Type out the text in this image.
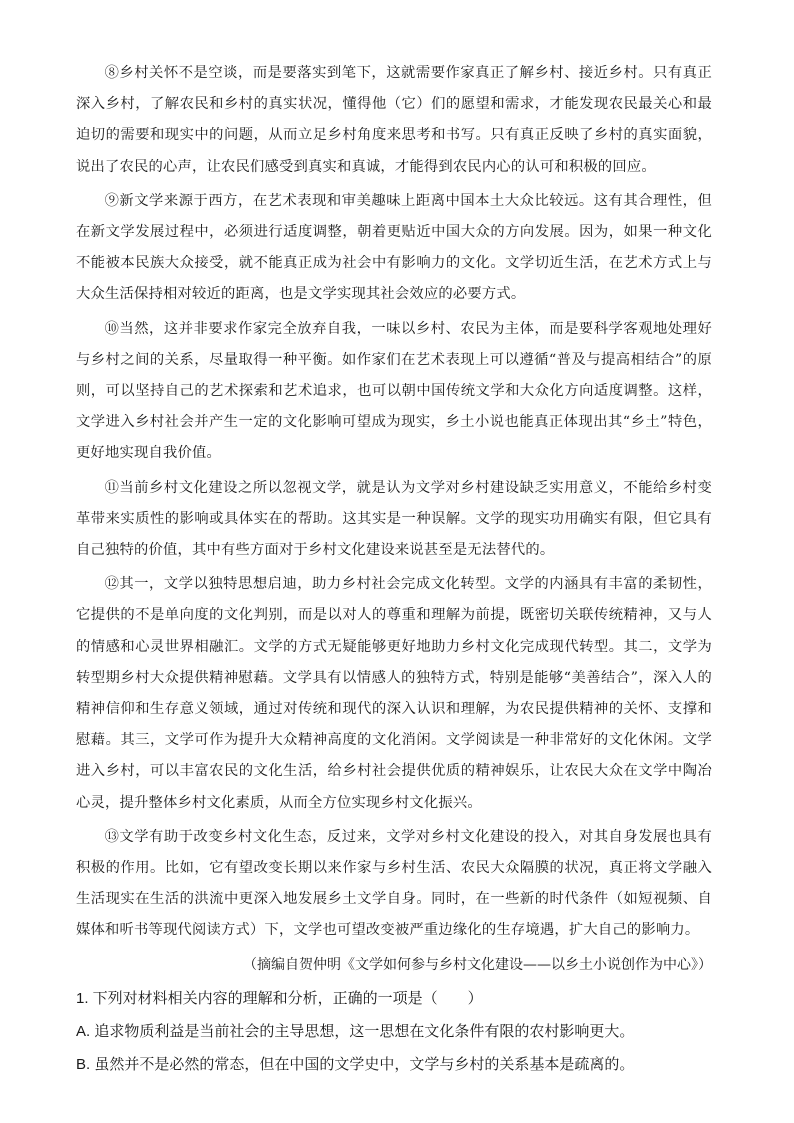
⑧乡村关怀不是空谈，而是要落实到笔下，这就需要作家真正了解乡村、接近乡村。只有真正深入乡村，了解农民和乡村的真实状况，懂得他（它）们的愿望和需求，才能发现农民最关心和最迫切的需要和现实中的问题，从而立足乡村角度来思考和书写。只有真正反映了乡村的真实面貌，说出了农民的心声，让农民们感受到真实和真诚，才能得到农民内心的认可和积极的回应。

⑨新文学来源于西方，在艺术表现和审美趣味上距离中国本土大众比较远。这有其合理性，但在新文学发展过程中，必须进行适度调整，朝着更贴近中国大众的方向发展。因为，如果一种文化不能被本民族大众接受，就不能真正成为社会中有影响力的文化。文学切近生活，在艺术方式上与大众生活保持相对较近的距离，也是文学实现其社会效应的必要方式。

⑩当然，这并非要求作家完全放弃自我，一味以乡村、农民为主体，而是要科学客观地处理好与乡村之间的关系，尽量取得一种平衡。如作家们在艺术表现上可以遵循“普及与提高相结合”的原则，可以坚持自己的艺术探索和艺术追求，也可以朝中国传统文学和大众化方向适度调整。这样，文学进入乡村社会并产生一定的文化影响可望成为现实，乡土小说也能真正体现出其“乡土”特色，更好地实现自我价值。

⑪当前乡村文化建设之所以忽视文学，就是认为文学对乡村建设缺乏实用意义，不能给乡村变革带来实质性的影响或具体实在的帮助。这其实是一种误解。文学的现实功用确实有限，但它具有自己独特的价值，其中有些方面对于乡村文化建设来说甚至是无法替代的。

⑫其一，文学以独特思想启迪，助力乡村社会完成文化转型。文学的内涵具有丰富的柔韧性，它提供的不是单向度的文化判别，而是以对人的尊重和理解为前提，既密切关联传统精神，又与人的情感和心灵世界相融汇。文学的方式无疑能够更好地助力乡村文化完成现代转型。其二，文学为转型期乡村大众提供精神慰藉。文学具有以情感人的独特方式，特别是能够“美善结合”，深入人的精神信仰和生存意义领域，通过对传统和现代的深入认识和理解，为农民提供精神的关怀、支撑和慰藉。其三，文学可作为提升大众精神高度的文化消闲。文学阅读是一种非常好的文化休闲。文学进入乡村，可以丰富农民的文化生活，给乡村社会提供优质的精神娱乐，让农民大众在文学中陶冶心灵，提升整体乡村文化素质，从而全方位实现乡村文化振兴。

⑬文学有助于改变乡村文化生态，反过来，文学对乡村文化建设的投入，对其自身发展也具有积极的作用。比如，它有望改变长期以来作家与乡村生活、农民大众隔膜的状况，真正将文学融入生活现实在生活的洪流中更深入地发展乡土文学自身。同时，在一些新的时代条件（如短视频、自媒体和听书等现代阅读方式）下，文学也可望改变被严重边缘化的生存境遇，扩大自己的影响力。

（摘编自贺仲明《文学如何参与乡村文化建设——以乡土小说创作为中心》）

1. 下列对材料相关内容的理解和分析，正确的一项是（　　）

A. 追求物质利益是当前社会的主导思想，这一思想在文化条件有限的农村影响更大。

B. 虽然并不是必然的常态，但在中国的文学史中，文学与乡村的关系基本是疏离的。
